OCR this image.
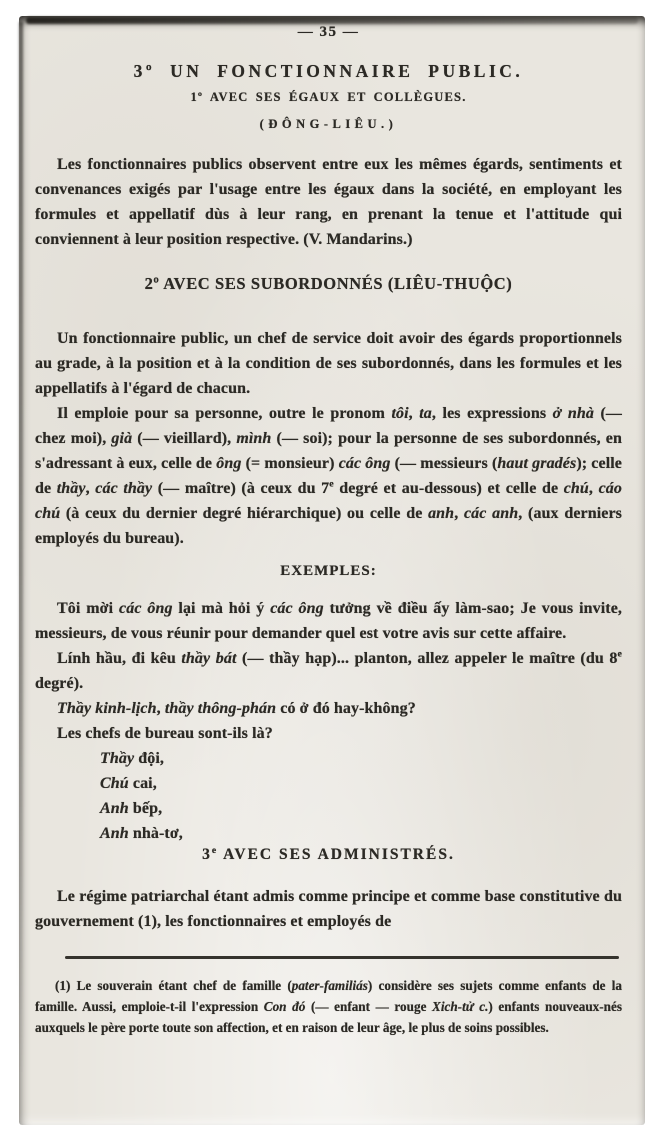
— 35 —
3º UN FONCTIONNAIRE PUBLIC.
1º AVEC SES ÉGAUX ET COLLÈGUES.
(ĐÔNG-LIÊU.)

Les fonctionnaires publics observent entre eux les mêmes égards, sentiments et convenances exigés par l'usage entre les égaux dans la société, en employant les formules et appellatif dùs à leur rang, en prenant la tenue et l'attitude qui conviennent à leur position respective. (V. Mandarins.)

2º AVEC SES SUBORDONNÉS (LIÊU-THUỘC)

Un fonctionnaire public, un chef de service doit avoir des égards proportionnels au grade, à la position et à la condition de ses subordonnés, dans les formules et les appellatifs à l'égard de chacun.

Il emploie pour sa personne, outre le pronom tôi, ta, les expressions ở nhà (— chez moi), già (— vieillard), mình (— soi); pour la personne de ses subordonnés, en s'adressant à eux, celle de ông (= monsieur) các ông (— messieurs (haut gradés); celle de thầy, các thầy (— maître) (à ceux du 7e degré et au-dessous) et celle de chú, cáo chú (à ceux du dernier degré hiérarchique) ou celle de anh, các anh, (aux derniers employés du bureau).

EXEMPLES:

Tôi mời các ông lại mà hỏi ý các ông tưởng về điều ấy làm-sao; Je vous invite, messieurs, de vous réunir pour demander quel est votre avis sur cette affaire.

Lính hầu, đi kêu thầy bát (— thầy hạp)... planton, allez appeler le maître (du 8e degré).

Thầy kinh-lịch, thầy thông-phán có ở đó hay-không?

Les chefs de bureau sont-ils là?

Thầy đội,
Chú cai,
Anh bếp,
Anh nhà-tơ,
3e AVEC SES ADMINISTRÉS.

Le régime patriarchal étant admis comme principe et comme base constitutive du gouvernement (1), les fonctionnaires et employés de

(1) Le souverain étant chef de famille (pater-familiás) considère ses sujets comme enfants de la famille. Aussi, emploie-t-il l'expression Con đó (— enfant — rouge Xich-tử c.) enfants nouveaux-nés auxquels le père porte toute son affection, et en raison de leur âge, le plus de soins possibles.
